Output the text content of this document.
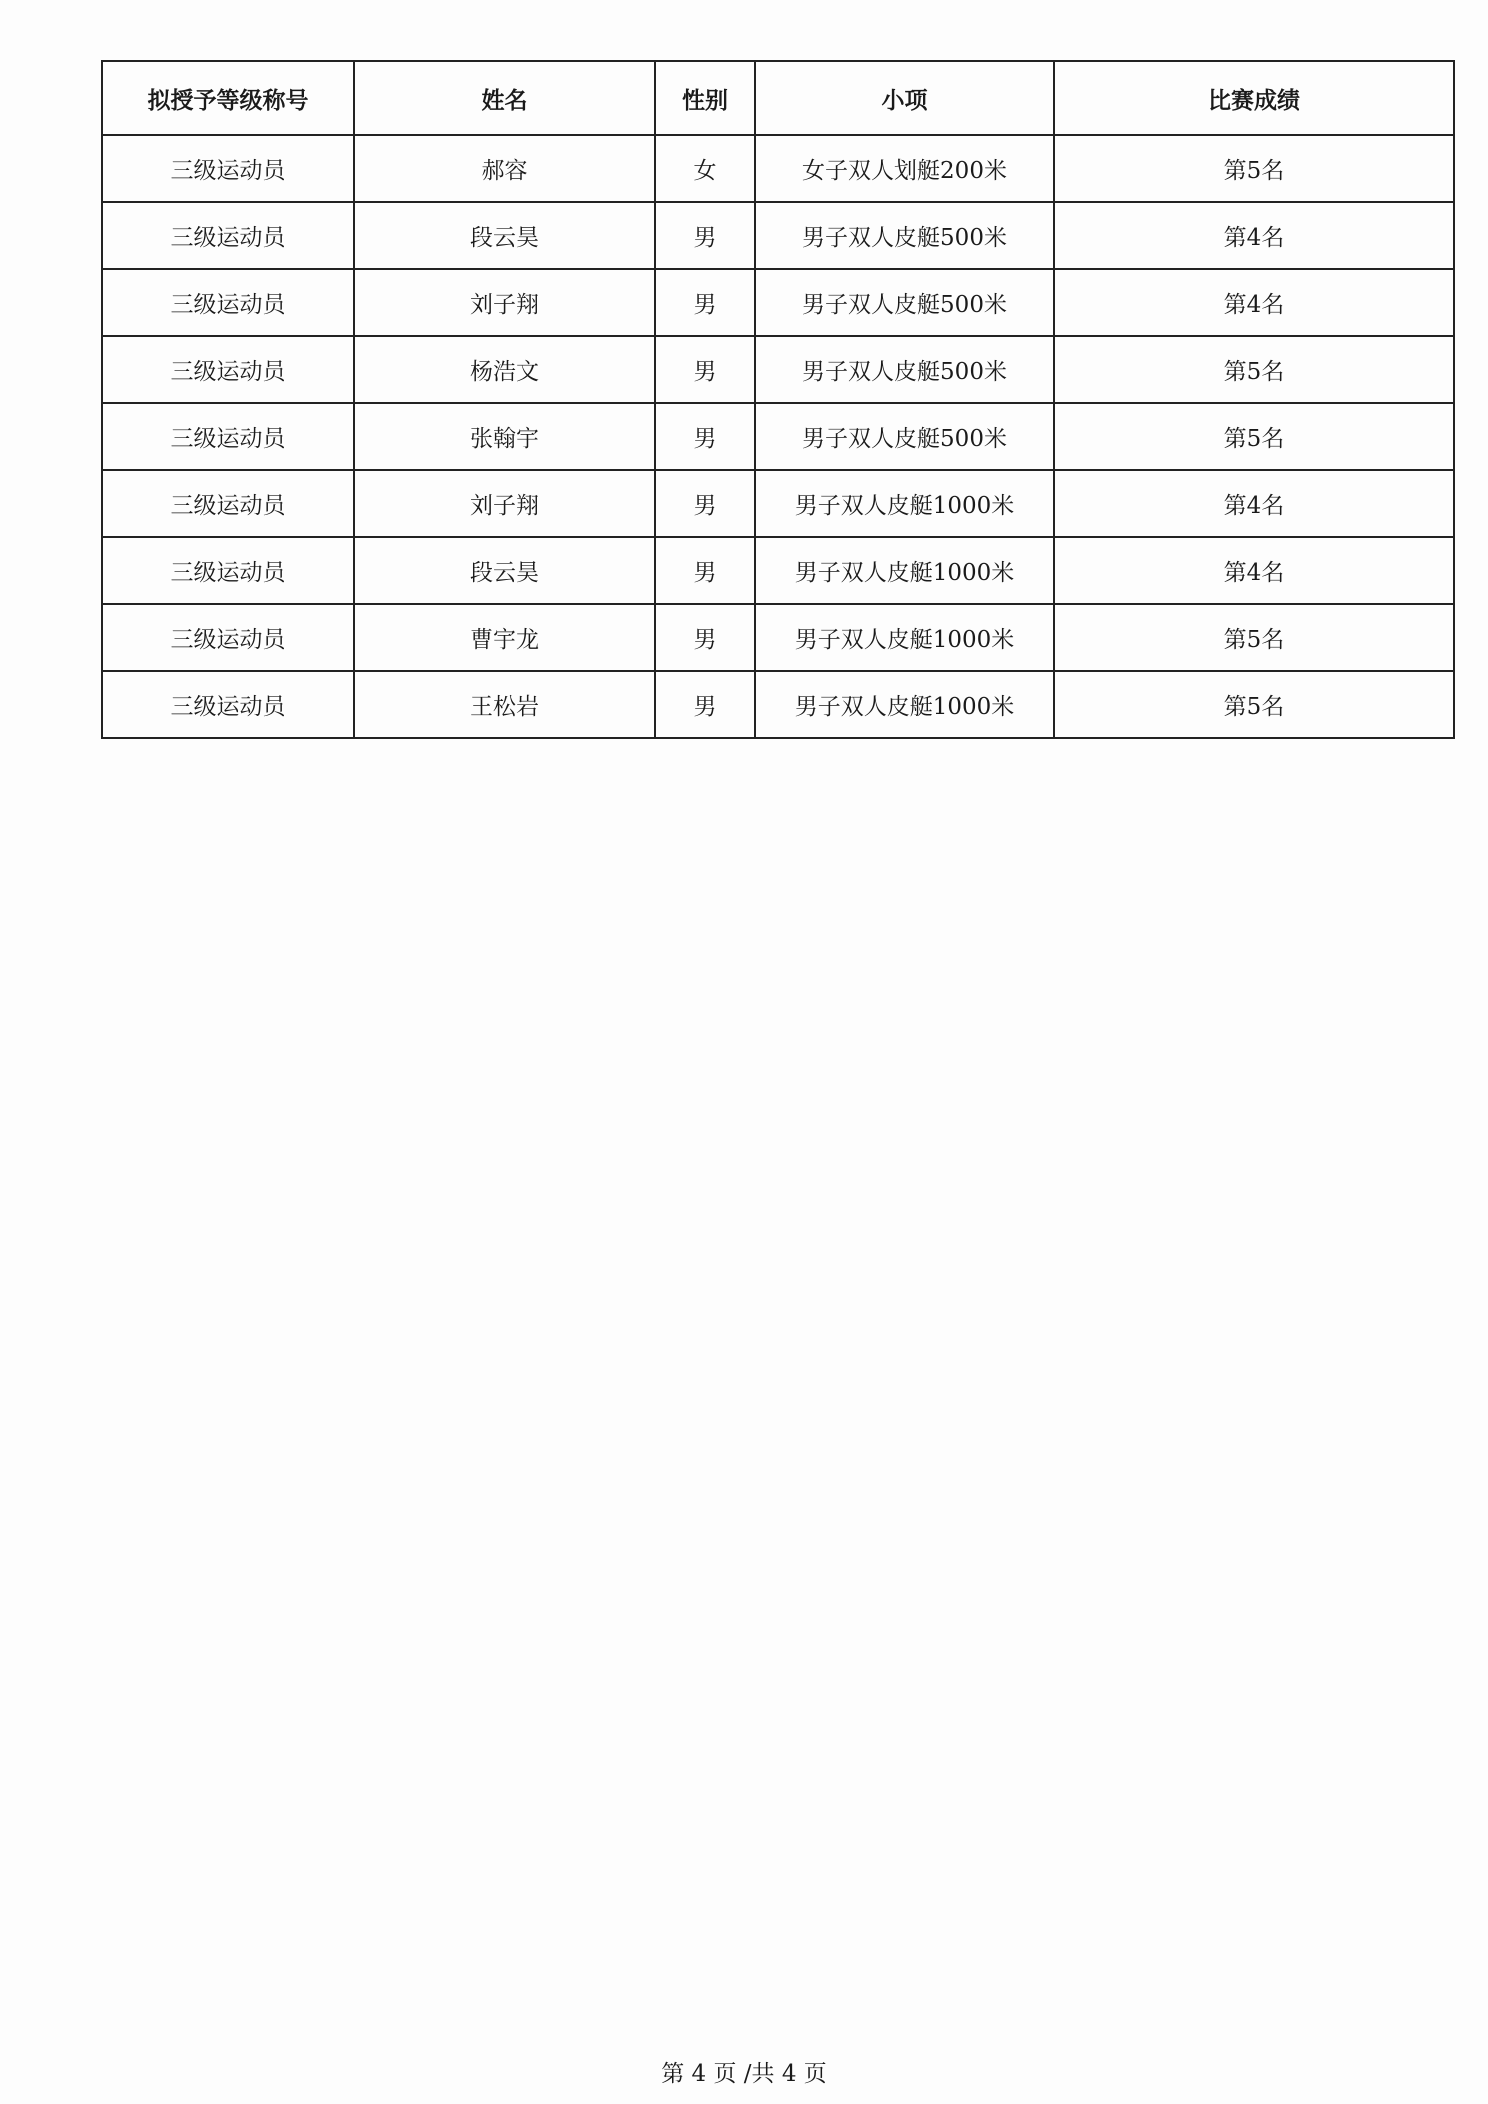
拟授予等级称号	姓名	性别	小项	比赛成绩
三级运动员	郝容	女	女子双人划艇200米	第5名
三级运动员	段云昊	男	男子双人皮艇500米	第4名
三级运动员	刘子翔	男	男子双人皮艇500米	第4名
三级运动员	杨浩文	男	男子双人皮艇500米	第5名
三级运动员	张翰宇	男	男子双人皮艇500米	第5名
三级运动员	刘子翔	男	男子双人皮艇1000米	第4名
三级运动员	段云昊	男	男子双人皮艇1000米	第4名
三级运动员	曹宇龙	男	男子双人皮艇1000米	第5名
三级运动员	王松岩	男	男子双人皮艇1000米	第5名
第 4 页 /共 4 页
